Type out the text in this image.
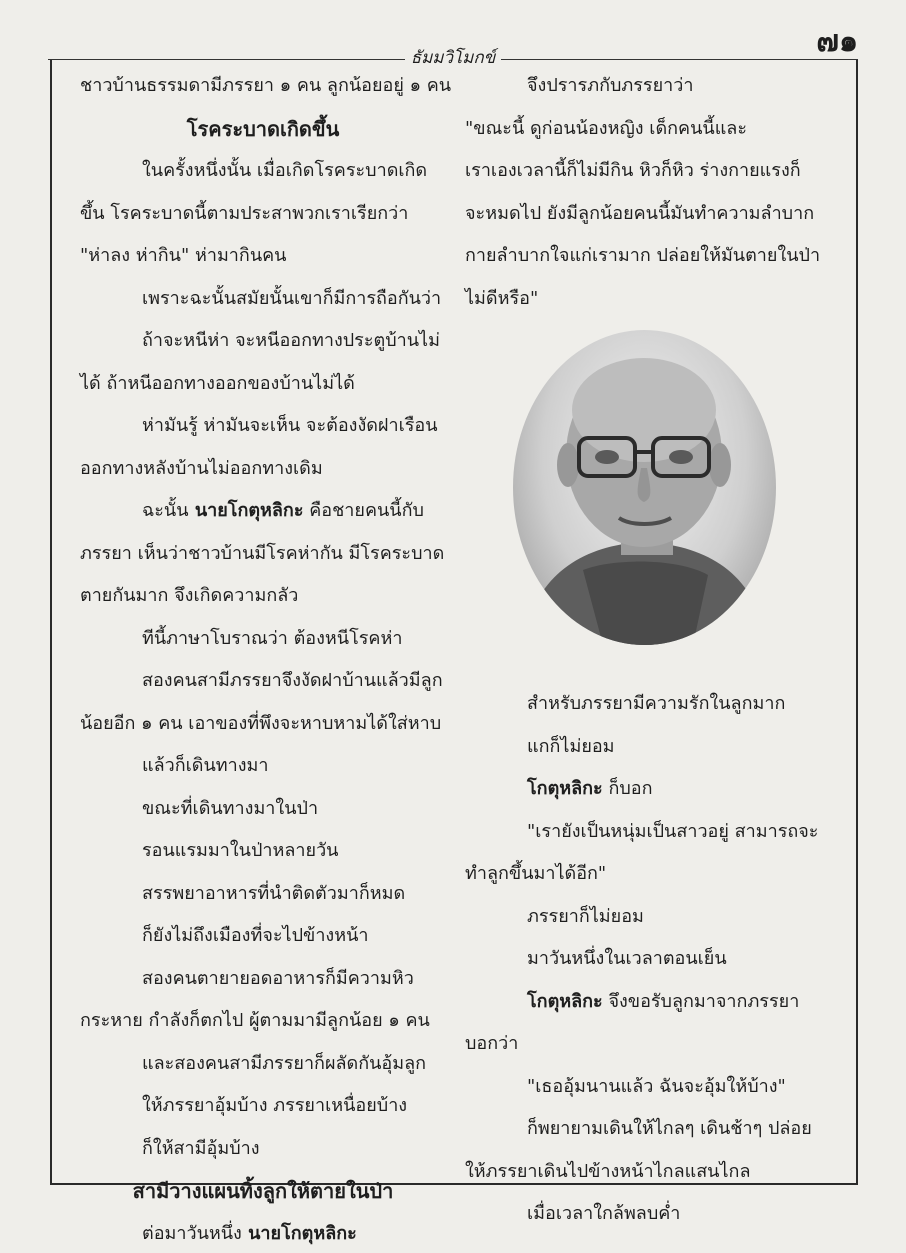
๗๑
ธัมมวิโมกข์
ชาวบ้านธรรมดามีภรรยา ๑ คน ลูกน้อยอยู่ ๑ คน
โรคระบาดเกิดขึ้น
ในครั้งหนึ่งนั้น เมื่อเกิดโรคระบาดเกิด
ขึ้น โรคระบาดนี้ตามประสาพวกเราเรียกว่า
"ห่าลง ห่ากิน" ห่ามากินคน
เพราะฉะนั้นสมัยนั้นเขาก็มีการถือกันว่า
ถ้าจะหนีห่า จะหนีออกทางประตูบ้านไม่
ได้ ถ้าหนีออกทางออกของบ้านไม่ได้
ห่ามันรู้ ห่ามันจะเห็น จะต้องงัดฝาเรือน
ออกทางหลังบ้านไม่ออกทางเดิม
ฉะนั้น นายโกตุหลิกะ คือชายคนนี้กับ
ภรรยา เห็นว่าชาวบ้านมีโรคห่ากัน มีโรคระบาด
ตายกันมาก จึงเกิดความกลัว
ทีนี้ภาษาโบราณว่า ต้องหนีโรคห่า
สองคนสามีภรรยาจึงงัดฝาบ้านแล้วมีลูก
น้อยอีก ๑ คน เอาของที่พึงจะหาบหามได้ใส่หาบ
แล้วก็เดินทางมา
ขณะที่เดินทางมาในป่า
รอนแรมมาในป่าหลายวัน
สรรพยาอาหารที่นำติดตัวมาก็หมด
ก็ยังไม่ถึงเมืองที่จะไปข้างหน้า
สองคนตายายอดอาหารก็มีความหิว
กระหาย กำลังก็ตกไป ผู้ตามมามีลูกน้อย ๑ คน
และสองคนสามีภรรยาก็ผลัดกันอุ้มลูก
ให้ภรรยาอุ้มบ้าง ภรรยาเหนื่อยบ้าง
ก็ให้สามีอุ้มบ้าง
สามีวางแผนทิ้งลูกให้ตายในป่า
ต่อมาวันหนึ่ง นายโกตุหลิกะ
จึงปรารภกับภรรยาว่า
"ขณะนี้ ดูก่อนน้องหญิง เด็กคนนี้และ
เราเองเวลานี้ก็ไม่มีกิน หิวก็หิว ร่างกายแรงก็
จะหมดไป ยังมีลูกน้อยคนนี้มันทำความลำบาก
กายลำบากใจแก่เรามาก ปล่อยให้มันตายในป่า
ไม่ดีหรือ"
สำหรับภรรยามีความรักในลูกมาก
แกก็ไม่ยอม
โกตุหลิกะ ก็บอก
"เรายังเป็นหนุ่มเป็นสาวอยู่ สามารถจะ
ทำลูกขึ้นมาได้อีก"
ภรรยาก็ไม่ยอม
มาวันหนึ่งในเวลาตอนเย็น
โกตุหลิกะ จึงขอรับลูกมาจากภรรยา
บอกว่า
"เธออุ้มนานแล้ว ฉันจะอุ้มให้บ้าง"
ก็พยายามเดินให้ไกลๆ เดินช้าๆ ปล่อย
ให้ภรรยาเดินไปข้างหน้าไกลแสนไกล
เมื่อเวลาใกล้พลบค่ำ
